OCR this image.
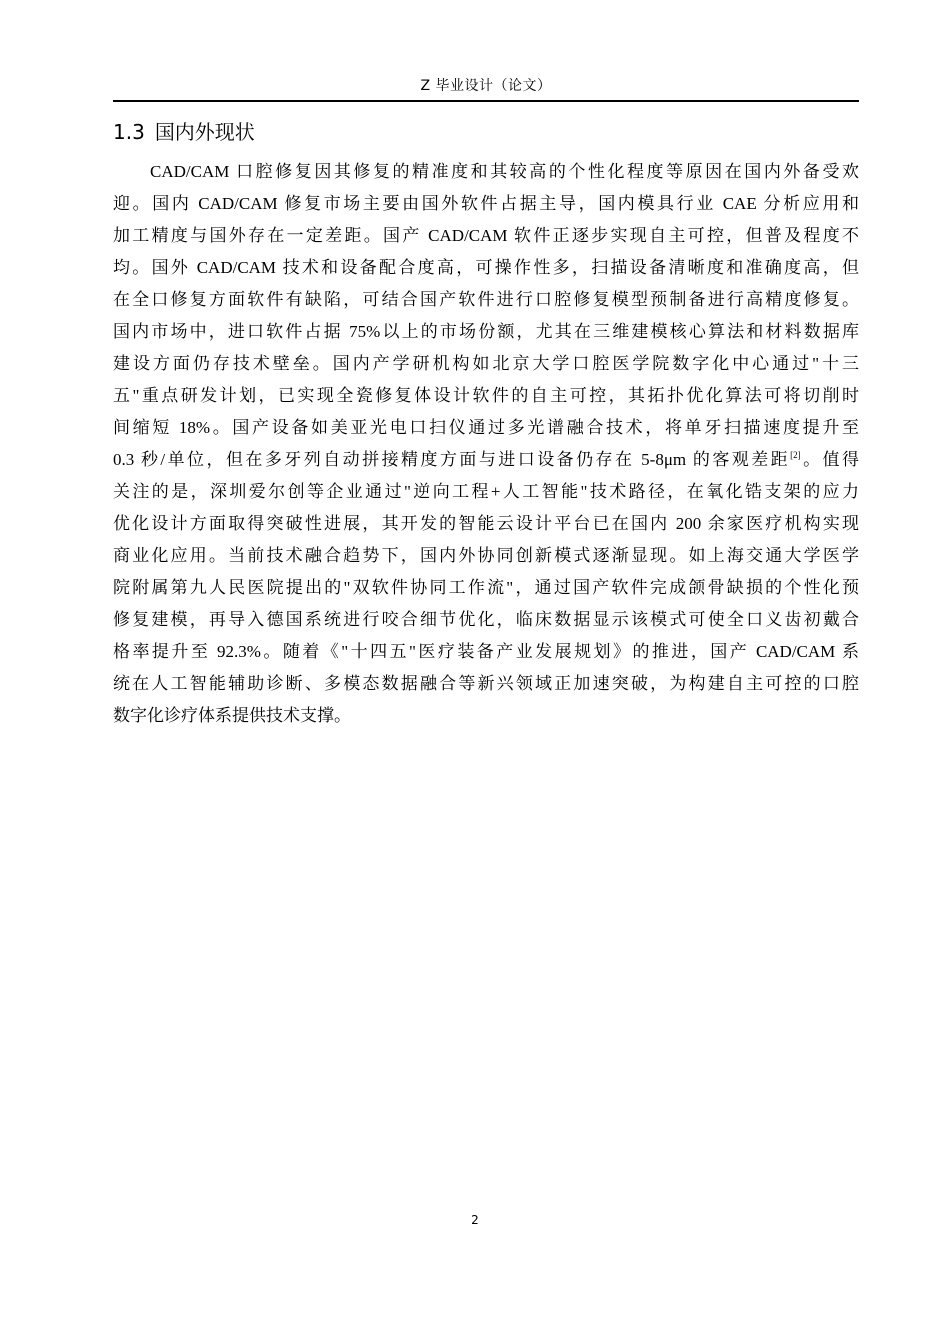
Z 毕业设计（论文）
1.3 国内外现状
CAD/CAM 口腔修复因其修复的精准度和其较高的个性化程度等原因在国内外备受欢
迎。国内 CAD/CAM 修复市场主要由国外软件占据主导，国内模具行业 CAE 分析应用和
加工精度与国外存在一定差距。国产 CAD/CAM 软件正逐步实现自主可控，但普及程度不
均。国外 CAD/CAM 技术和设备配合度高，可操作性多，扫描设备清晰度和准确度高，但
在全口修复方面软件有缺陷，可结合国产软件进行口腔修复模型预制备进行高精度修复。
国内市场中，进口软件占据 75%以上的市场份额，尤其在三维建模核心算法和材料数据库
建设方面仍存技术壁垒。国内产学研机构如北京大学口腔医学院数字化中心通过"十三
五"重点研发计划，已实现全瓷修复体设计软件的自主可控，其拓扑优化算法可将切削时
间缩短 18%。国产设备如美亚光电口扫仪通过多光谱融合技术，将单牙扫描速度提升至
0.3 秒/单位，但在多牙列自动拼接精度方面与进口设备仍存在 5-8μm 的客观差距[2]。值得
关注的是，深圳爱尔创等企业通过"逆向工程+人工智能"技术路径，在氧化锆支架的应力
优化设计方面取得突破性进展，其开发的智能云设计平台已在国内 200 余家医疗机构实现
商业化应用。当前技术融合趋势下，国内外协同创新模式逐渐显现。如上海交通大学医学
院附属第九人民医院提出的"双软件协同工作流"，通过国产软件完成颌骨缺损的个性化预
修复建模，再导入德国系统进行咬合细节优化，临床数据显示该模式可使全口义齿初戴合
格率提升至 92.3%。随着《"十四五"医疗装备产业发展规划》的推进，国产 CAD/CAM 系
统在人工智能辅助诊断、多模态数据融合等新兴领域正加速突破，为构建自主可控的口腔
数字化诊疗体系提供技术支撑。
2
